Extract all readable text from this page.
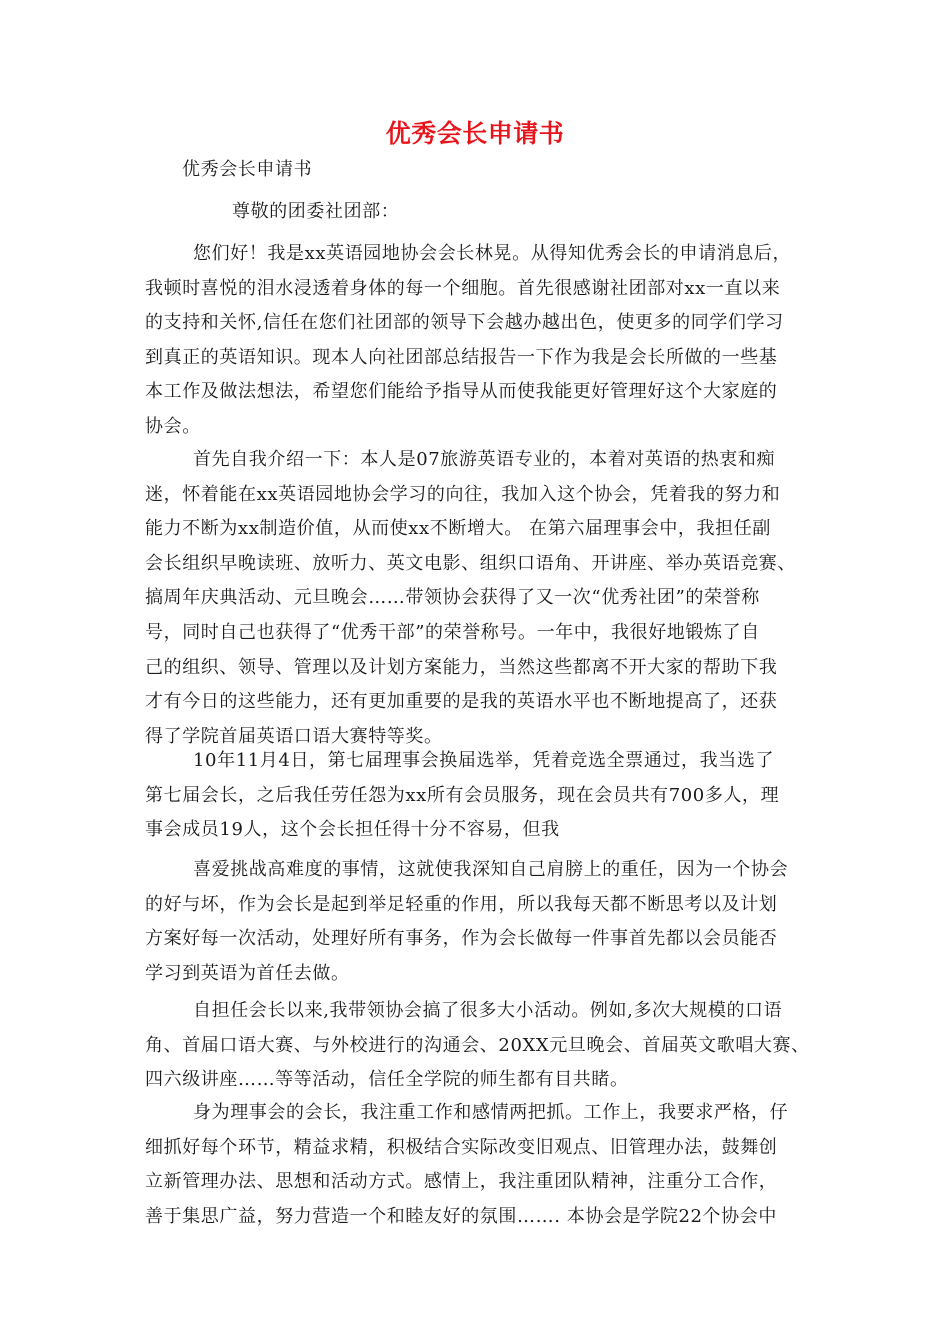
优秀会长申请书
优秀会长申请书
尊敬的团委社团部：
您们好！我是xx英语园地协会会长林晃。从得知优秀会长的申请消息后，
我顿时喜悦的泪水浸透着身体的每一个细胞。首先很感谢社团部对xx一直以来
的支持和关怀,信任在您们社团部的领导下会越办越出色，使更多的同学们学习
到真正的英语知识。现本人向社团部总结报告一下作为我是会长所做的一些基
本工作及做法想法，希望您们能给予指导从而使我能更好管理好这个大家庭的
协会。
首先自我介绍一下：本人是07旅游英语专业的，本着对英语的热衷和痴
迷，怀着能在xx英语园地协会学习的向往，我加入这个协会，凭着我的努力和
能力不断为xx制造价值，从而使xx不断增大。 在第六届理事会中，我担任副
会长组织早晚读班、放听力、英文电影、组织口语角、开讲座、举办英语竞赛、
搞周年庆典活动、元旦晚会……带领协会获得了又一次“优秀社团”的荣誉称
号，同时自己也获得了“优秀干部”的荣誉称号。一年中，我很好地锻炼了自
己的组织、领导、管理以及计划方案能力，当然这些都离不开大家的帮助下我
才有今日的这些能力，还有更加重要的是我的英语水平也不断地提高了，还获
得了学院首届英语口语大赛特等奖。
10年11月4日，第七届理事会换届选举，凭着竞选全票通过，我当选了
第七届会长，之后我任劳任怨为xx所有会员服务，现在会员共有700多人，理
事会成员19人，这个会长担任得十分不容易，但我
喜爱挑战高难度的事情，这就使我深知自己肩膀上的重任，因为一个协会
的好与坏，作为会长是起到举足轻重的作用，所以我每天都不断思考以及计划
方案好每一次活动，处理好所有事务，作为会长做每一件事首先都以会员能否
学习到英语为首任去做。
自担任会长以来,我带领协会搞了很多大小活动。例如,多次大规模的口语
角、首届口语大赛、与外校进行的沟通会、20XX元旦晚会、首届英文歌唱大赛、
四六级讲座……等等活动，信任全学院的师生都有目共睹。
身为理事会的会长，我注重工作和感情两把抓。工作上，我要求严格，仔
细抓好每个环节，精益求精，积极结合实际改变旧观点、旧管理办法，鼓舞创
立新管理办法、思想和活动方式。感情上，我注重团队精神，注重分工合作，
善于集思广益，努力营造一个和睦友好的氛围……. 本协会是学院22个协会中
